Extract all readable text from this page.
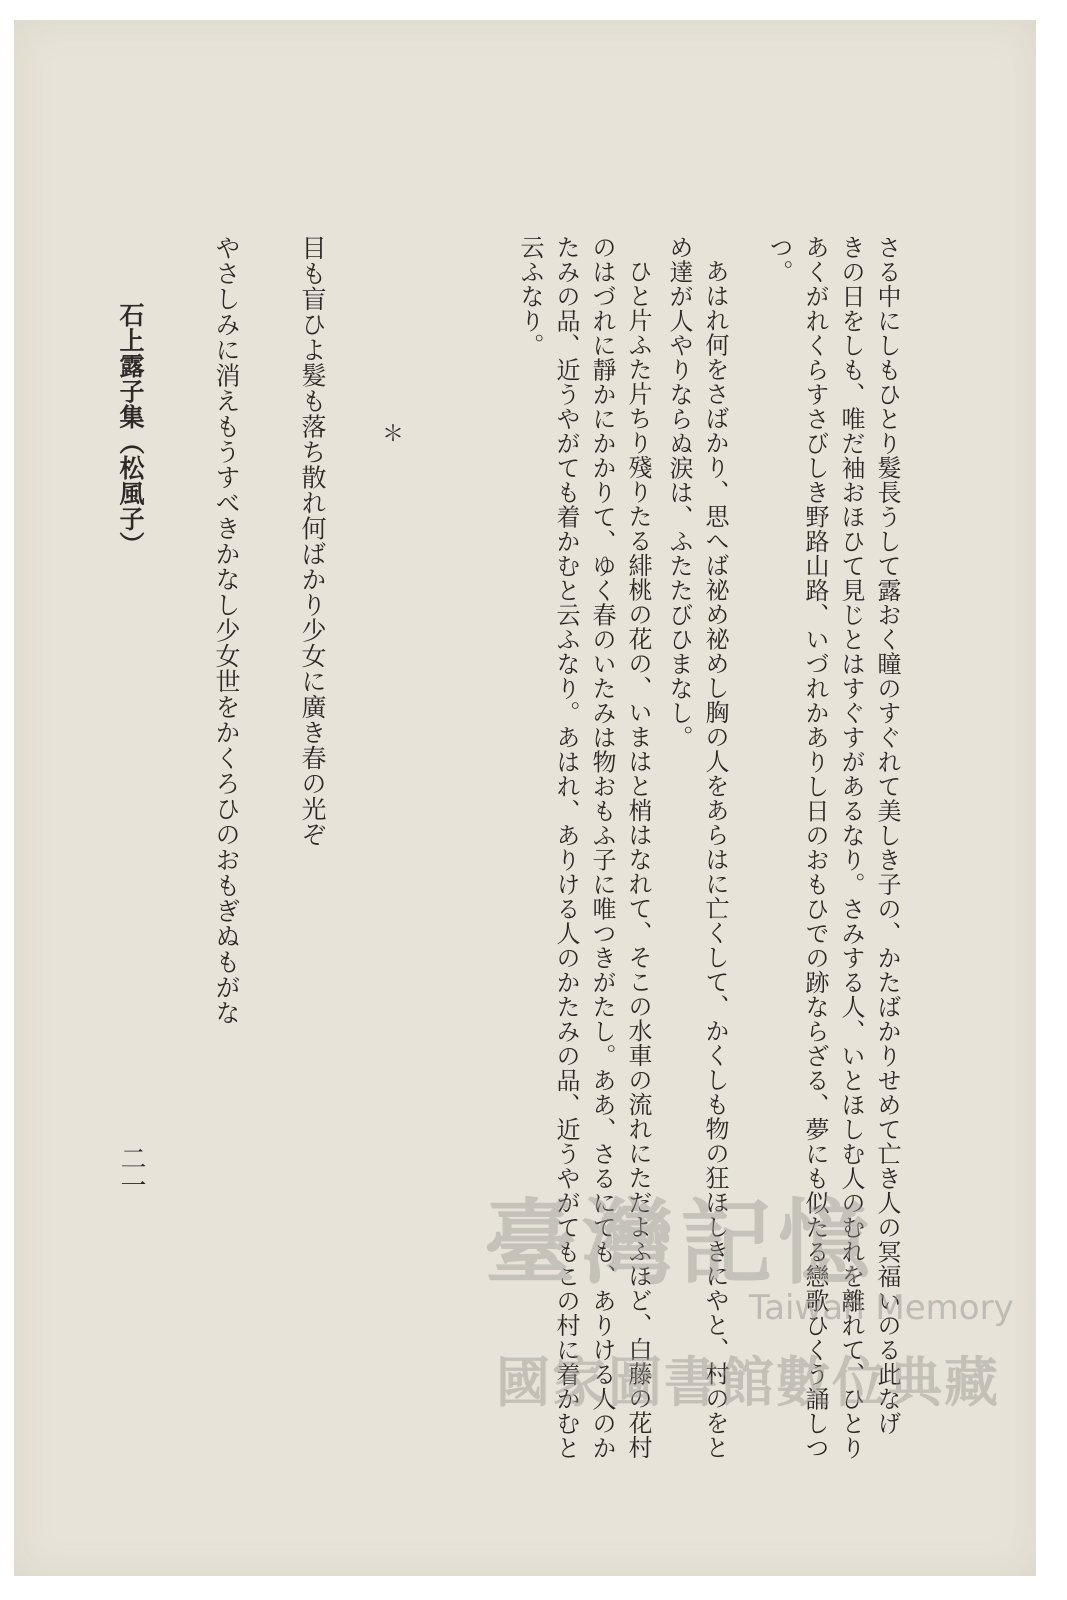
さる中にしもひとり髮長うして露おく瞳のすぐれて美しき子の、かたばかりせめて亡き人の冥福いのる此なげ
きの日をしも、唯だ袖おほひて見じとはすぐすがあるなり。さみする人、いとほしむ人のむれを離れて、ひとり
あくがれくらすさびしき野路山路、いづれかありし日のおもひでの跡ならざる、夢にも似たる戀歌ひくう誦しつ
つ。
あはれ何をさばかり、思へば祕め祕めし胸の人をあらはに亡くして、かくしも物の狂ほしきにやと、村のをと
め達が人やりならぬ涙は、ふたたびひまなし。
ひと片ふた片ちり殘りたる緋桃の花の、いまはと梢はなれて、そこの水車の流れにただよふほど、白藤の花村
のはづれに靜かにかかりて、ゆく春のいたみは物おもふ子に唯つきがたし。ああ、さるにても、ありける人のか
たみの品、近うやがても着かむと云ふなり。あはれ、ありける人のかたみの品、近うやがてもこの村に着かむと
云ふなり。
＊
目も盲ひよ髮も落ち散れ何ばかり少女に廣き春の光ぞ
やさしみに消えもうすべきかなし少女世をかくろひのおもぎぬもがな
石上露子集（松風子）
二一
臺灣記憶
Taiwan Memory
國家圖書館數位典藏
